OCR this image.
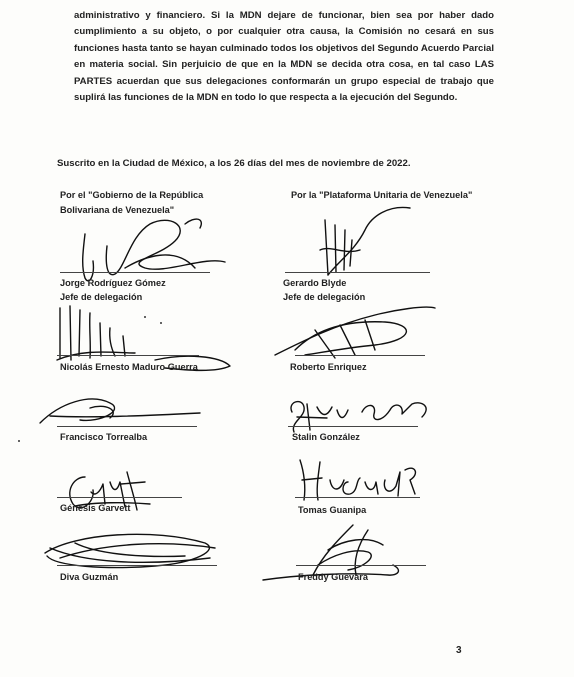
administrativo y financiero. Si la MDN dejare de funcionar, bien sea por haber dado cumplimiento a su objeto, o por cualquier otra causa, la Comisión no cesará en sus funciones hasta tanto se hayan culminado todos los objetivos del Segundo Acuerdo Parcial en materia social. Sin perjuicio de que en la MDN se decida otra cosa, en tal caso LAS PARTES acuerdan que sus delegaciones conformarán un grupo especial de trabajo que suplirá las funciones de la MDN en todo lo que respecta a la ejecución del Segundo.
Suscrito en la Ciudad de México, a los 26 días del mes de noviembre de 2022.
Por el "Gobierno de la República
Bolivariana de Venezuela"
Por la "Plataforma Unitaria de Venezuela"
Jorge Rodríguez Gómez
Jefe de delegación
Gerardo Blyde
Jefe de delegación
Nicolás Ernesto Maduro Guerra	Roberto Enriquez
Francisco Torrealba	Stalin González
Génesis Garvett	Tomas Guanipa
Diva Guzmán	Freddy Guevara
3
